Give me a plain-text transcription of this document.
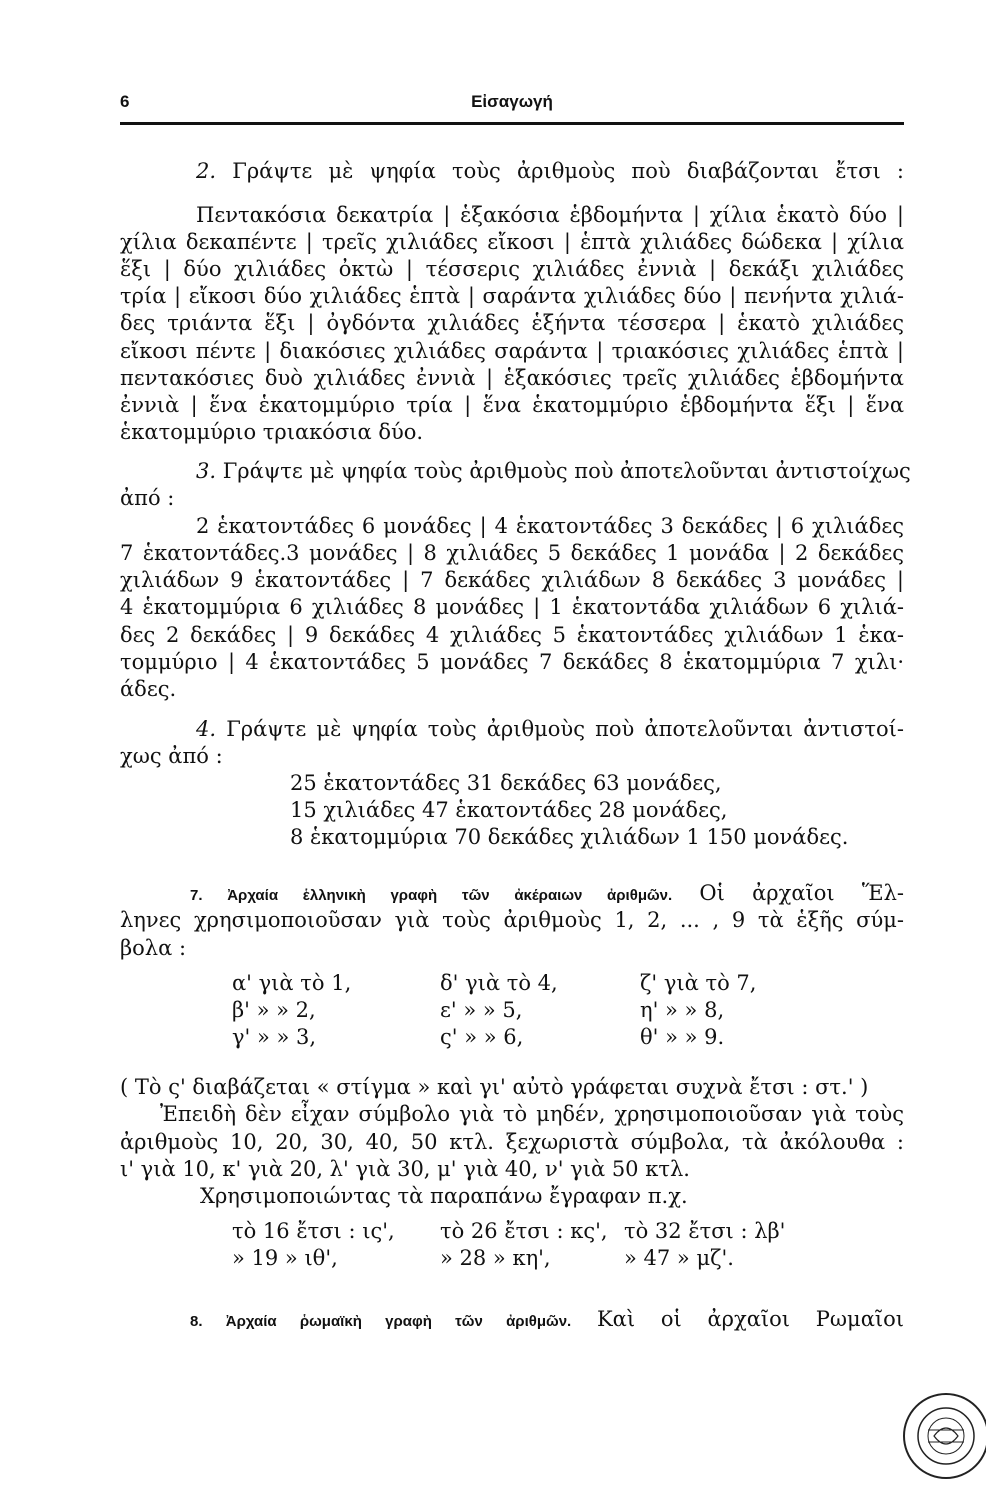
6	Εἰσαγωγή
2. Γράψτε μὲ ψηφία τοὺς ἀριθμοὺς ποὺ διαβάζονται ἔτσι :
Πεντακόσια δεκατρία | ἑξακόσια ἑβδομήντα | χίλια ἑκατὸ δύο |
χίλια δεκαπέντε | τρεῖς χιλιάδες εἴκοσι | ἑπτὰ χιλιάδες δώδεκα | χίλια
ἕξι | δύο χιλιάδες ὀκτὼ | τέσσερις χιλιάδες ἐννιὰ | δεκάξι χιλιάδες
τρία | εἴκοσι δύο χιλιάδες ἑπτὰ | σαράντα χιλιάδες δύο | πενήντα χιλιά-
δες τριάντα ἕξι | ὀγδόντα χιλιάδες ἑξήντα τέσσερα | ἑκατὸ χιλιάδες
εἴκοσι πέντε | διακόσιες χιλιάδες σαράντα | τριακόσιες χιλιάδες ἑπτὰ |
πεντακόσιες δυὸ χιλιάδες ἐννιὰ | ἑξακόσιες τρεῖς χιλιάδες ἑβδομήντα
ἐννιὰ | ἕνα ἑκατομμύριο τρία | ἕνα ἑκατομμύριο ἑβδομήντα ἕξι | ἕνα
ἑκατομμύριο τριακόσια δύο.
3. Γράψτε μὲ ψηφία τοὺς ἀριθμοὺς ποὺ ἀποτελοῦνται ἀντιστοίχως
ἀπό :
2 ἑκατοντάδες 6 μονάδες | 4 ἑκατοντάδες 3 δεκάδες | 6 χιλιάδες
7 ἑκατοντάδες.3 μονάδες | 8 χιλιάδες 5 δεκάδες 1 μονάδα | 2 δεκάδες
χιλιάδων 9 ἑκατοντάδες | 7 δεκάδες χιλιάδων 8 δεκάδες 3 μονάδες |
4 ἑκατομμύρια 6 χιλιάδες 8 μονάδες | 1 ἑκατοντάδα χιλιάδων 6 χιλιά-
δες 2 δεκάδες | 9 δεκάδες 4 χιλιάδες 5 ἑκατοντάδες χιλιάδων 1 ἑκα-
τομμύριο | 4 ἑκατοντάδες 5 μονάδες 7 δεκάδες 8 ἑκατομμύρια 7 χιλι·
άδες.
4. Γράψτε μὲ ψηφία τοὺς ἀριθμοὺς ποὺ ἀποτελοῦνται ἀντιστοί-
χως ἀπό :
25 ἑκατοντάδες 31 δεκάδες 63 μονάδες,
15 χιλιάδες 47 ἑκατοντάδες 28 μονάδες,
8 ἑκατομμύρια 70 δεκάδες χιλιάδων 1 150 μονάδες.
7. Ἀρχαία ἑλληνικὴ γραφὴ τῶν ἀκέραιων ἀριθμῶν. Οἱ ἀρχαῖοι Ἕλ-
ληνες χρησιμοποιοῦσαν γιὰ τοὺς ἀριθμοὺς 1, 2, ... , 9 τὰ ἑξῆς σύμ-
βολα :
α' γιὰ τὸ 1,	δ' γιὰ τὸ 4,	ζ' γιὰ τὸ 7,
β' » » 2,	ε' » » 5,	η' » » 8,
γ' » » 3,	ς' » » 6,	θ' » » 9.
( Τὸ ς' διαβάζεται « στίγμα » καὶ γι' αὐτὸ γράφεται συχνὰ ἔτσι : στ.' )
Ἐπειδὴ δὲν εἶχαν σύμβολο γιὰ τὸ μηδέν, χρησιμοποιοῦσαν γιὰ τοὺς
ἀριθμοὺς 10, 20, 30, 40, 50 κτλ. ξεχωριστὰ σύμβολα, τὰ ἀκόλουθα :
ι' γιὰ 10, κ' γιὰ 20, λ' γιὰ 30, μ' γιὰ 40, ν' γιὰ 50 κτλ.
Χρησιμοποιώντας τὰ παραπάνω ἔγραφαν π.χ.
τὸ 16 ἔτσι : ις', τὸ 26 ἔτσι : κς', τὸ 32 ἔτσι : λβ'
» 19 » ιθ',	» 28 » κη',	» 47 » μζ'.
8. Ἀρχαία ῥωμαϊκὴ γραφὴ τῶν ἀριθμῶν. Καὶ οἱ ἀρχαῖοι Ρωμαῖοι
